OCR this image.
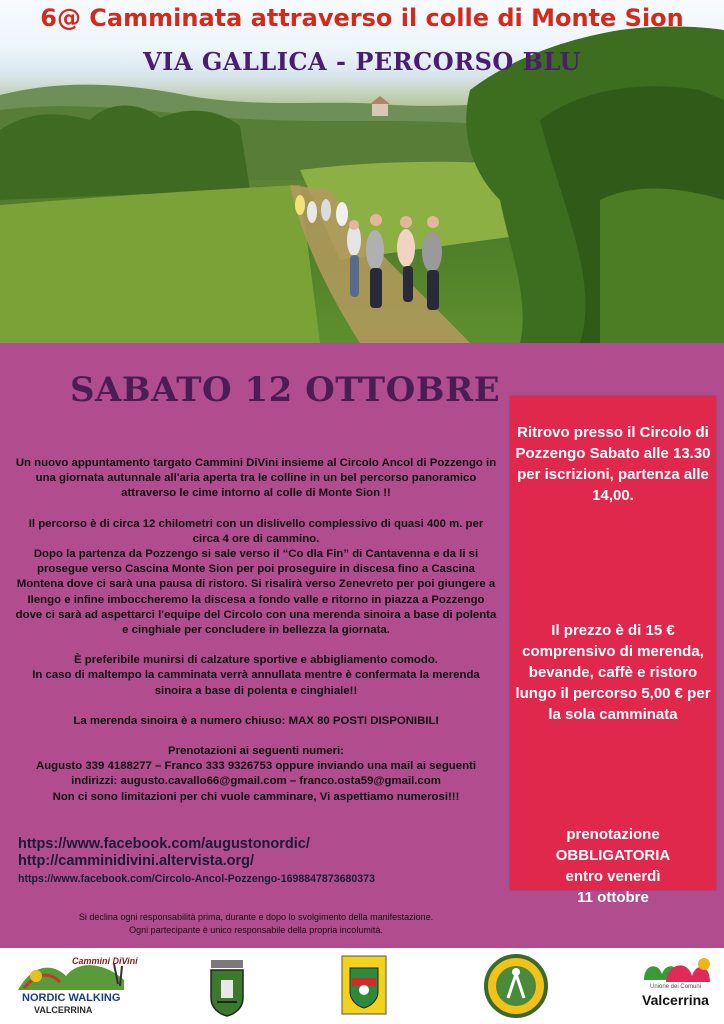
6@ Camminata attraverso il colle di Monte Sion
VIA GALLICA - PERCORSO BLU
SABATO 12 OTTOBRE

Un nuovo appuntamento targato Cammini DiVini insieme al Circolo Ancol di Pozzengo in una giornata autunnale all'aria aperta tra le colline in un bel percorso panoramico attraverso le cime intorno al colle di Monte Sion !!

Il percorso è di circa 12 chilometri con un dislivello complessivo di quasi 400 m. per circa 4 ore di cammino.

Dopo la partenza da Pozzengo si sale verso il “Co dla Fin” di Cantavenna e da li si prosegue verso Cascina Monte Sion per poi proseguire in discesa fino a Cascina Montena dove ci sarà una pausa di ristoro. Si risalirà verso Zenevreto per poi giungere a Ilengo e infine imboccheremo la discesa a fondo valle e ritorno in piazza a Pozzengo dove ci sarà ad aspettarci l'equipe del Circolo con una merenda sinoira a base di polenta e cinghiale per concludere in bellezza la giornata.

È preferibile munirsi di calzature sportive e abbigliamento comodo.

In caso di maltempo la camminata verrà annullata mentre è confermata la merenda sinoira a base di polenta e cinghiale!!

La merenda sinoira è a numero chiuso: MAX 80 POSTI DISPONIBILI

Prenotazioni ai seguenti numeri:

Augusto 339 4188277 – Franco 333 9326753 oppure inviando una mail ai seguenti indirizzi: augusto.cavallo66@gmail.com – franco.osta59@gmail.com

Non ci sono limitazioni per chi vuole camminare, Vi aspettiamo numerosi!!!

https://www.facebook.com/augustonordic/
http://camminidivini.altervista.org/
https://www.facebook.com/Circolo-Ancol-Pozzengo-1698847873680373
Si declina ogni responsabilità prima, durante e dopo lo svolgimento della manifestazione.
Ogni partecipante è unico responsabile della propria incolumità.
Ritrovo presso il Circolo di Pozzengo Sabato alle 13.30 per iscrizioni, partenza alle 14,00.
Il prezzo è di 15 € comprensivo di merenda, bevande, caffè e ristoro lungo il percorso 5,00 € per la sola camminata
prenotazione
OBBLIGATORIA
entro venerdì
11 ottobre
Cammini DiVini
NORDIC WALKING
VALCERRINA
Unione dei Comuni
Valcerrina
